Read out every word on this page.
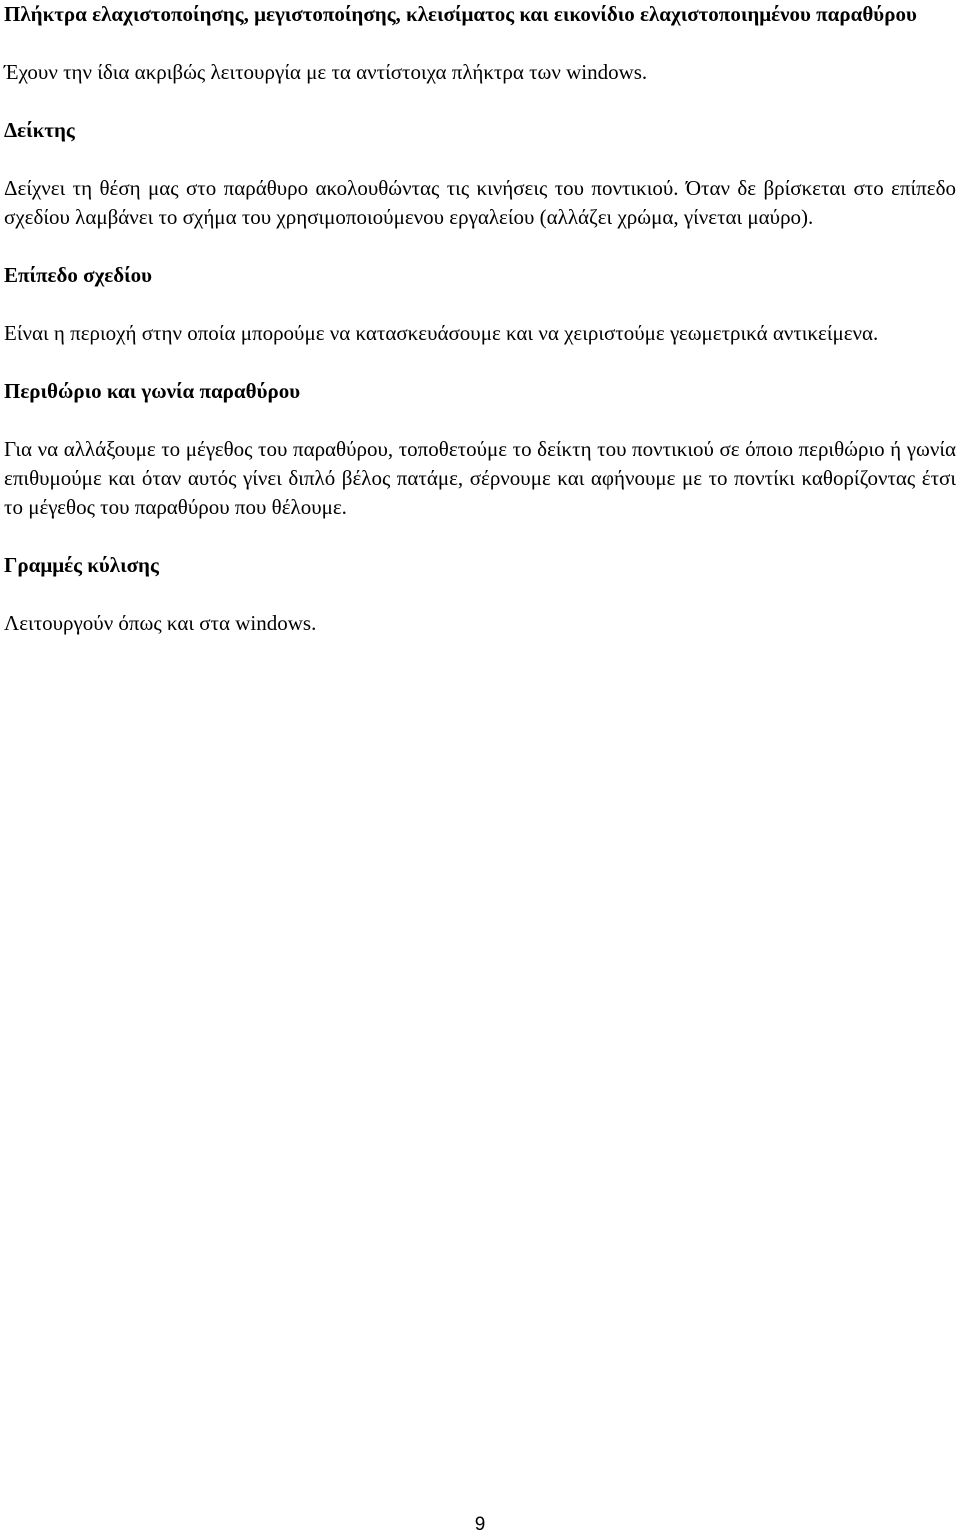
Πλήκτρα ελαχιστοποίησης, μεγιστοποίησης, κλεισίματος και εικονίδιο ελαχιστοποιημένου παραθύρου

Έχουν την ίδια ακριβώς λειτουργία με τα αντίστοιχα πλήκτρα των windows.

Δείκτης

Δείχνει τη θέση μας στο παράθυρο ακολουθώντας τις κινήσεις του ποντικιού. Όταν δε βρίσκεται στο επίπεδο σχεδίου λαμβάνει το σχήμα του χρησιμοποιούμενου εργαλείου (αλλάζει χρώμα, γίνεται μαύρο).

Επίπεδο σχεδίου

Είναι η περιοχή στην οποία μπορούμε να κατασκευάσουμε και να χειριστούμε γεωμετρικά αντικείμενα.

Περιθώριο και γωνία παραθύρου

Για να αλλάξουμε το μέγεθος του παραθύρου, τοποθετούμε το δείκτη του ποντικιού σε όποιο περιθώριο ή γωνία επιθυμούμε και όταν αυτός γίνει διπλό βέλος πατάμε, σέρνουμε και αφήνουμε με το ποντίκι καθορίζοντας έτσι το μέγεθος του παραθύρου που θέλουμε.

Γραμμές κύλισης

Λειτουργούν όπως και στα windows.

9
